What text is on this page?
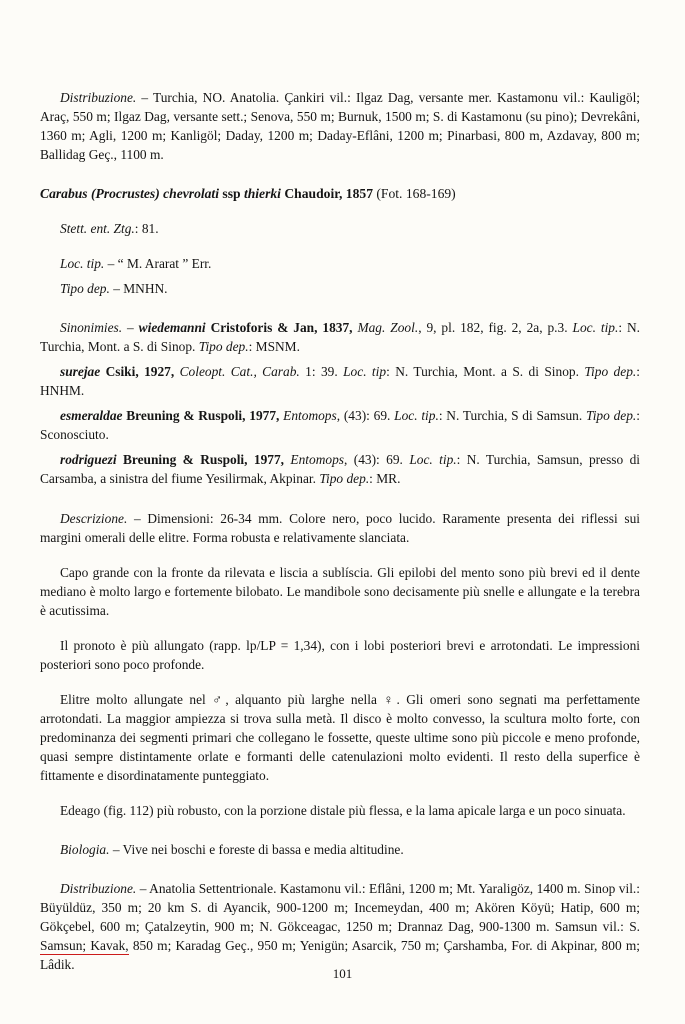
Distribuzione. – Turchia, NO. Anatolia. Çankiri vil.: Ilgaz Dag, versante mer. Kastamonu vil.: Kauligöl; Araç, 550 m; Ilgaz Dag, versante sett.; Senova, 550 m; Burnuk, 1500 m; S. di Kastamonu (su pino); Devrekâni, 1360 m; Agli, 1200 m; Kanligöl; Daday, 1200 m; Daday-Eflâni, 1200 m; Pinarbasi, 800 m, Azdavay, 800 m; Ballidag Geç., 1100 m.

Carabus (Procrustes) chevrolati ssp thierki Chaudoir, 1857 (Fot. 168-169)

Stett. ent. Ztg.: 81.

Loc. tip. – “ M. Ararat ” Err.

Tipo dep. – MNHN.

Sinonimies. – wiedemanni Cristoforis & Jan, 1837, Mag. Zool., 9, pl. 182, fig. 2, 2a, p.3. Loc. tip.: N. Turchia, Mont. a S. di Sinop. Tipo dep.: MSNM.

surejae Csiki, 1927, Coleopt. Cat., Carab. 1: 39. Loc. tip: N. Turchia, Mont. a S. di Sinop. Tipo dep.: HNHM.

esmeraldae Breuning & Ruspoli, 1977, Entomops, (43): 69. Loc. tip.: N. Turchia, S di Samsun. Tipo dep.: Sconosciuto.

rodriguezi Breuning & Ruspoli, 1977, Entomops, (43): 69. Loc. tip.: N. Turchia, Samsun, presso di Carsamba, a sinistra del fiume Yesilirmak, Akpinar. Tipo dep.: MR.

Descrizione. – Dimensioni: 26-34 mm. Colore nero, poco lucido. Raramente presenta dei riflessi sui margini omerali delle elitre. Forma robusta e relativamente slanciata.

Capo grande con la fronte da rilevata e liscia a sublíscia. Gli epilobi del mento sono più brevi ed il dente mediano è molto largo e fortemente bilobato. Le mandibole sono decisamente più snelle e allungate e la terebra è acutissima.

Il pronoto è più allungato (rapp. lp/LP = 1,34), con i lobi posteriori brevi e arrotondati. Le impressioni posteriori sono poco profonde.

Elitre molto allungate nel ♂, alquanto più larghe nella ♀. Gli omeri sono segnati ma perfettamente arrotondati. La maggior ampiezza si trova sulla metà. Il disco è molto convesso, la scultura molto forte, con predominanza dei segmenti primari che collegano le fossette, queste ultime sono più piccole e meno profonde, quasi sempre distintamente orlate e formanti delle catenulazioni molto evidenti. Il resto della superfice è fittamente e disordinatamente punteggiato.

Edeago (fig. 112) più robusto, con la porzione distale più flessa, e la lama apicale larga e un poco sinuata.

Biologia. – Vive nei boschi e foreste di bassa e media altitudine.

Distribuzione. – Anatolia Settentrionale. Kastamonu vil.: Eflâni, 1200 m; Mt. Yaraligöz, 1400 m. Sinop vil.: Büyüldüz, 350 m; 20 km S. di Ayancik, 900-1200 m; Incemeydan, 400 m; Akören Köyü; Hatip, 600 m; Gökçebel, 600 m; Çatalzeytin, 900 m; N. Gökceagac, 1250 m; Drannaz Dag, 900-1300 m. Samsun vil.: S. Samsun; Kavak, 850 m; Karadag Geç., 950 m; Yenigün; Asarcik, 750 m; Çarshamba, For. di Akpinar, 800 m; Lâdik.

101
